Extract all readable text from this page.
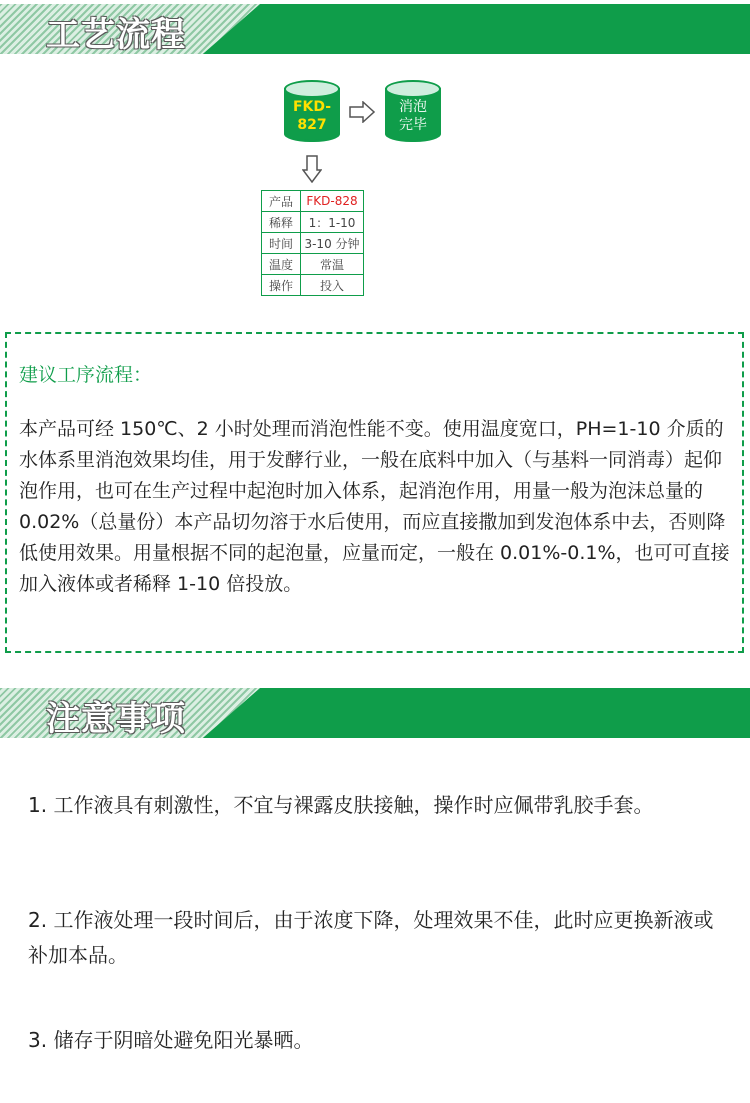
工艺流程
FKD-
827
消泡
完毕
产品	FKD-828
稀释	1：1-10
时间	3-10 分钟
温度	常温
操作	投入
建议工序流程：
本产品可经 150℃、2 小时处理而消泡性能不变。使用温度宽口，PH=1-10 介质的水体系里消泡效果均佳，用于发酵行业，一般在底料中加入（与基料一同消毒）起仰泡作用，也可在生产过程中起泡时加入体系，起消泡作用，用量一般为泡沫总量的 0.02%（总量份）本产品切勿溶于水后使用，而应直接撒加到发泡体系中去，否则降低使用效果。用量根据不同的起泡量，应量而定，一般在 0.01%-0.1%，也可可直接加入液体或者稀释 1-10 倍投放。
注意事项
1. 工作液具有刺激性，不宜与裸露皮肤接触，操作时应佩带乳胶手套。
2. 工作液处理一段时间后，由于浓度下降，处理效果不佳，此时应更换新液或补加本品。
3. 储存于阴暗处避免阳光暴晒。
